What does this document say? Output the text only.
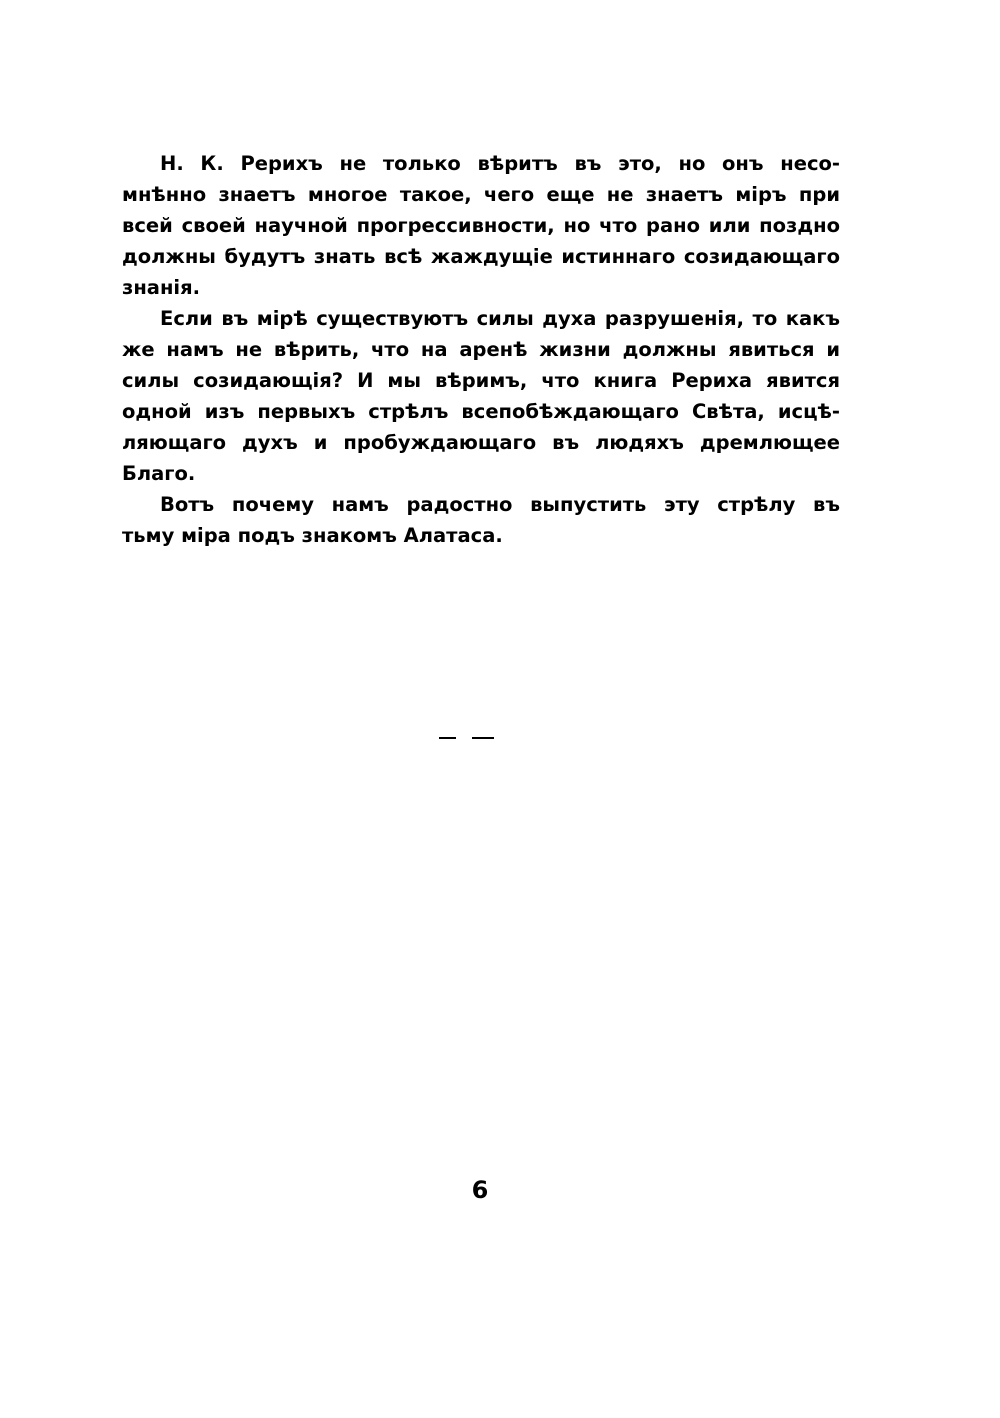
Н. К. Рерихъ не только вѣритъ въ это, но онъ несо-
мнѣнно знаетъ многое такое, чего еще не знаетъ міръ при
всей своей научной прогрессивности, но что рано или поздно
должны будутъ знать всѣ жаждущіе истиннаго созидающаго
знанія.
Если въ мірѣ существуютъ силы духа разрушенія, то какъ
же намъ не вѣрить, что на аренѣ жизни должны явиться и
силы созидающія? И мы вѣримъ, что книга Рериха явится
одной изъ первыхъ стрѣлъ всепобѣждающаго Свѣта, исцѣ-
ляющаго духъ и пробуждающаго въ людяхъ дремлющее
Благо.
Вотъ почему намъ радостно выпустить эту стрѣлу въ
тьму міра подъ знакомъ Алатаса.
6
